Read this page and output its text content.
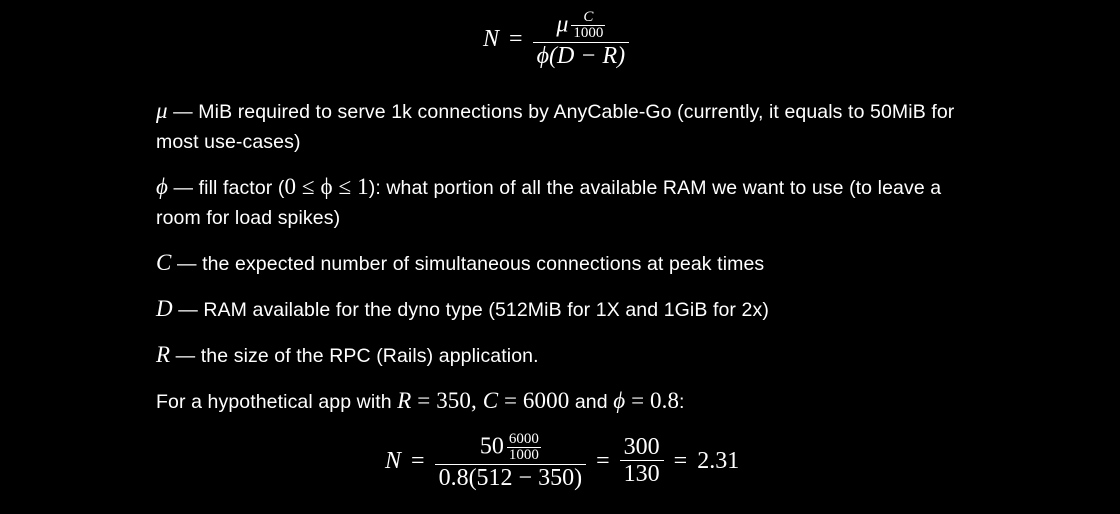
$N = \frac{\mu \frac{C}{1000}}{\phi(D - R)}$

μ — MiB required to serve 1k connections by AnyCable-Go (currently, it equals to 50MiB for most use-cases)

ϕ — fill factor (0 ≤ ϕ ≤ 1): what portion of all the available RAM we want to use (to leave a room for load spikes)

C — the expected number of simultaneous connections at peak times

D — RAM available for the dyno type (512MiB for 1X and 1GiB for 2x)

R — the size of the RPC (Rails) application.

For a hypothetical app with R = 350, C = 6000 and ϕ = 0.8:

$N = \frac{50 \frac{6000}{1000}}{0.8(512 - 350)} = \frac{300}{130} = 2.31$
